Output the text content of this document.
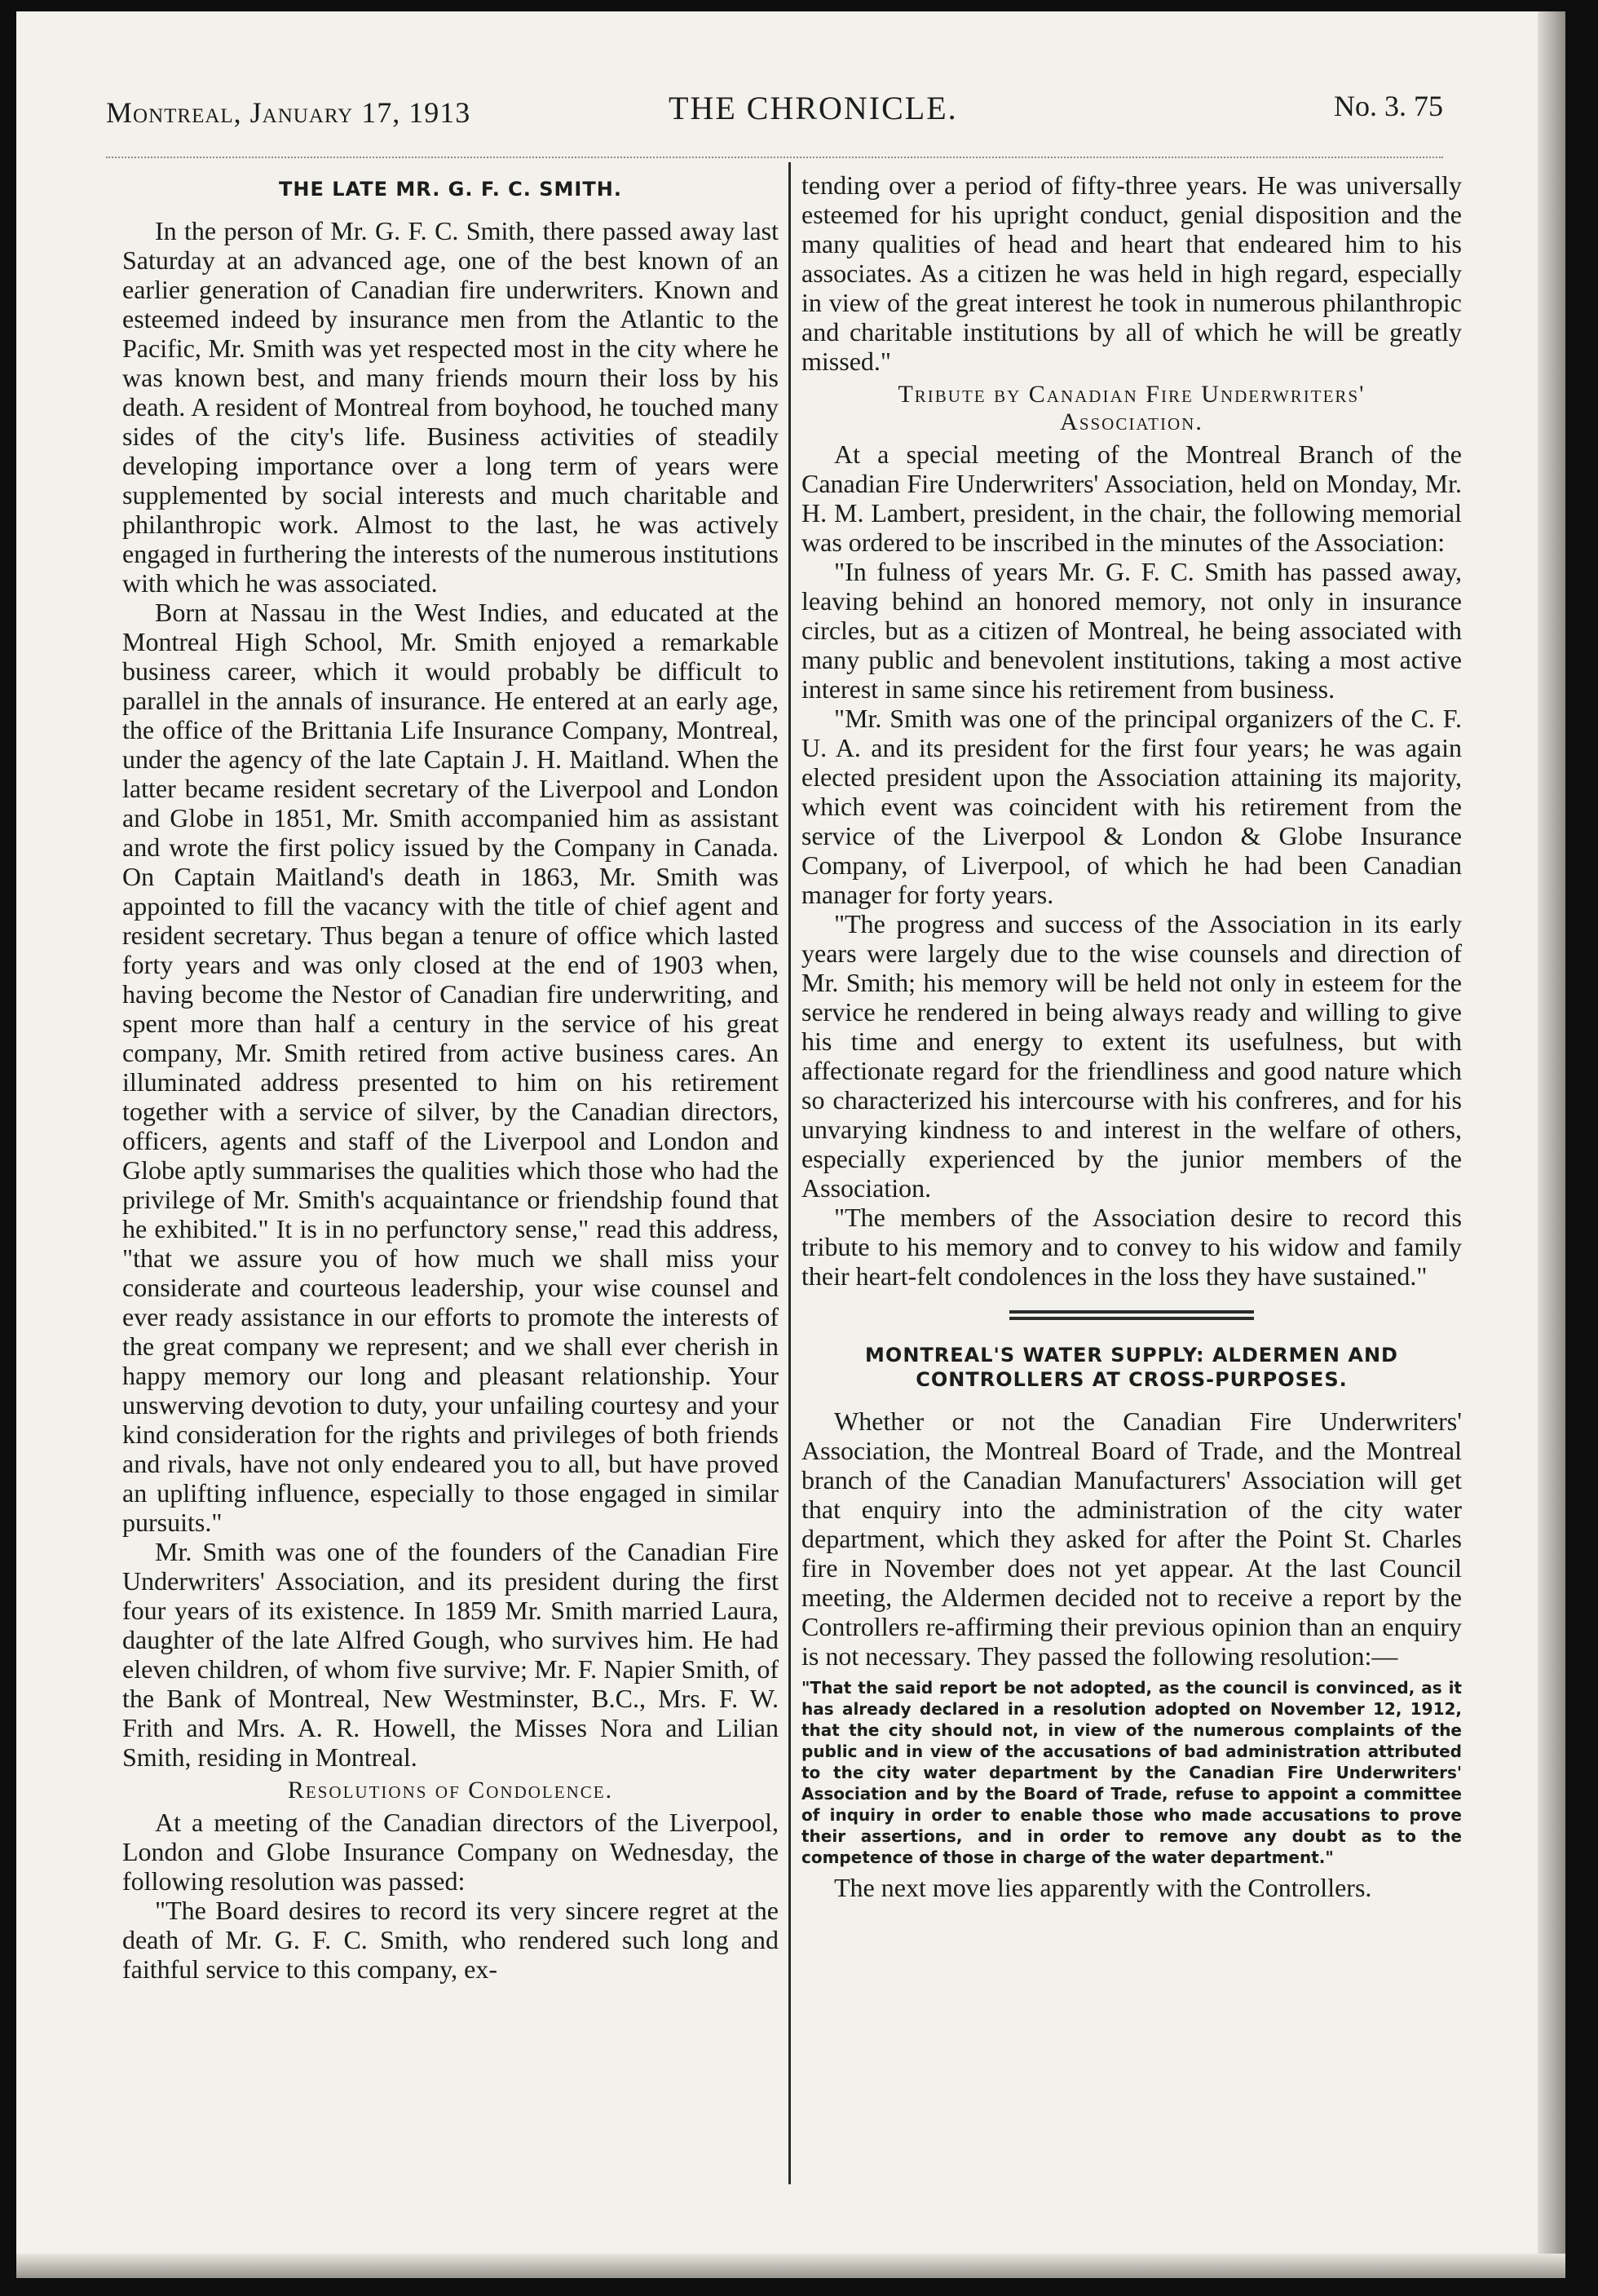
Montreal, January 17, 1913	THE CHRONICLE.	No. 3. 75
THE LATE MR. G. F. C. SMITH.

In the person of Mr. G. F. C. Smith, there passed away last Saturday at an advanced age, one of the best known of an earlier generation of Canadian fire underwriters. Known and esteemed indeed by insurance men from the Atlantic to the Pacific, Mr. Smith was yet respected most in the city where he was known best, and many friends mourn their loss by his death. A resident of Montreal from boyhood, he touched many sides of the city's life. Business activities of steadily developing importance over a long term of years were supplemented by social interests and much charitable and philanthropic work. Almost to the last, he was actively engaged in furthering the interests of the numerous institutions with which he was associated.

Born at Nassau in the West Indies, and educated at the Montreal High School, Mr. Smith enjoyed a remarkable business career, which it would probably be difficult to parallel in the annals of insurance. He entered at an early age, the office of the Brittania Life Insurance Company, Montreal, under the agency of the late Captain J. H. Maitland. When the latter became resident secretary of the Liverpool and London and Globe in 1851, Mr. Smith accompanied him as assistant and wrote the first policy issued by the Company in Canada. On Captain Maitland's death in 1863, Mr. Smith was appointed to fill the vacancy with the title of chief agent and resident secretary. Thus began a tenure of office which lasted forty years and was only closed at the end of 1903 when, having become the Nestor of Canadian fire underwriting, and spent more than half a century in the service of his great company, Mr. Smith retired from active business cares. An illuminated address presented to him on his retirement together with a service of silver, by the Canadian directors, officers, agents and staff of the Liverpool and London and Globe aptly summarises the qualities which those who had the privilege of Mr. Smith's acquaintance or friendship found that he exhibited." It is in no perfunctory sense," read this address, "that we assure you of how much we shall miss your considerate and courteous leadership, your wise counsel and ever ready assistance in our efforts to promote the interests of the great company we represent; and we shall ever cherish in happy memory our long and pleasant relationship. Your unswerving devotion to duty, your unfailing courtesy and your kind consideration for the rights and privileges of both friends and rivals, have not only endeared you to all, but have proved an uplifting influence, especially to those engaged in similar pursuits."

Mr. Smith was one of the founders of the Canadian Fire Underwriters' Association, and its president during the first four years of its existence. In 1859 Mr. Smith married Laura, daughter of the late Alfred Gough, who survives him. He had eleven children, of whom five survive; Mr. F. Napier Smith, of the Bank of Montreal, New Westminster, B.C., Mrs. F. W. Frith and Mrs. A. R. Howell, the Misses Nora and Lilian Smith, residing in Montreal.

Resolutions of Condolence.

At a meeting of the Canadian directors of the Liverpool, London and Globe Insurance Company on Wednesday, the following resolution was passed:

"The Board desires to record its very sincere regret at the death of Mr. G. F. C. Smith, who rendered such long and faithful service to this company, ex-

tending over a period of fifty-three years. He was universally esteemed for his upright conduct, genial disposition and the many qualities of head and heart that endeared him to his associates. As a citizen he was held in high regard, especially in view of the great interest he took in numerous philanthropic and charitable institutions by all of which he will be greatly missed."

Tribute by Canadian Fire Underwriters'
Association.

At a special meeting of the Montreal Branch of the Canadian Fire Underwriters' Association, held on Monday, Mr. H. M. Lambert, president, in the chair, the following memorial was ordered to be inscribed in the minutes of the Association:

"In fulness of years Mr. G. F. C. Smith has passed away, leaving behind an honored memory, not only in insurance circles, but as a citizen of Montreal, he being associated with many public and benevolent institutions, taking a most active interest in same since his retirement from business.

"Mr. Smith was one of the principal organizers of the C. F. U. A. and its president for the first four years; he was again elected president upon the Association attaining its majority, which event was coincident with his retirement from the service of the Liverpool & London & Globe Insurance Company, of Liverpool, of which he had been Canadian manager for forty years.

"The progress and success of the Association in its early years were largely due to the wise counsels and direction of Mr. Smith; his memory will be held not only in esteem for the service he rendered in being always ready and willing to give his time and energy to extent its usefulness, but with affectionate regard for the friendliness and good nature which so characterized his intercourse with his confreres, and for his unvarying kindness to and interest in the welfare of others, especially experienced by the junior members of the Association.

"The members of the Association desire to record this tribute to his memory and to convey to his widow and family their heart-felt condolences in the loss they have sustained."

MONTREAL'S WATER SUPPLY: ALDERMEN AND
CONTROLLERS AT CROSS-PURPOSES.

Whether or not the Canadian Fire Underwriters' Association, the Montreal Board of Trade, and the Montreal branch of the Canadian Manufacturers' Association will get that enquiry into the administration of the city water department, which they asked for after the Point St. Charles fire in November does not yet appear. At the last Council meeting, the Aldermen decided not to receive a report by the Controllers re-affirming their previous opinion than an enquiry is not necessary. They passed the following resolution:—

"That the said report be not adopted, as the council is convinced, as it has already declared in a resolution adopted on November 12, 1912, that the city should not, in view of the numerous complaints of the public and in view of the accusations of bad administration attributed to the city water department by the Canadian Fire Underwriters' Association and by the Board of Trade, refuse to appoint a committee of inquiry in order to enable those who made accusations to prove their assertions, and in order to remove any doubt as to the competence of those in charge of the water department."

The next move lies apparently with the Controllers.
